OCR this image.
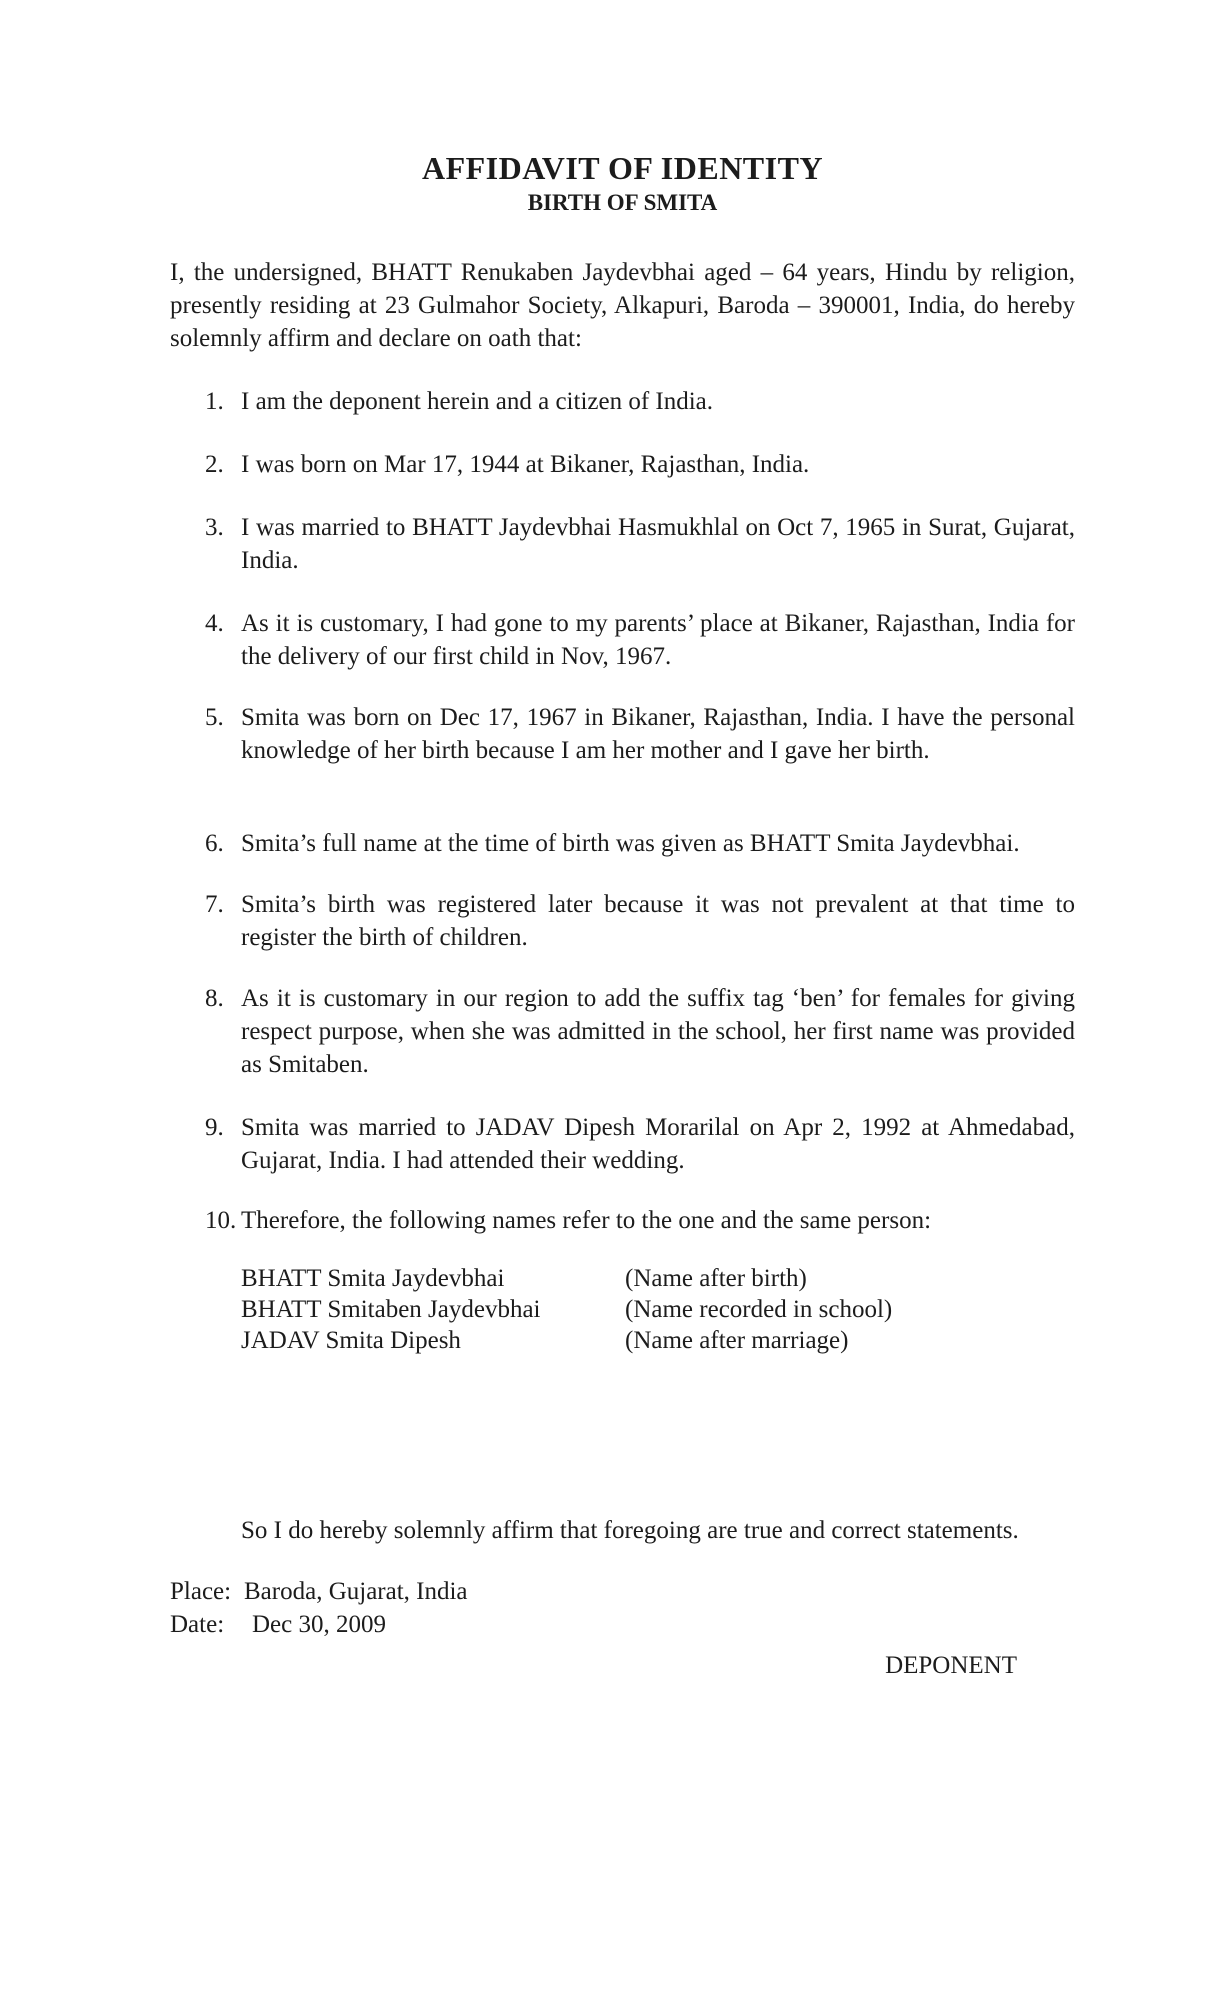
AFFIDAVIT OF IDENTITY
BIRTH OF SMITA
I, the undersigned, BHATT Renukaben Jaydevbhai aged – 64 years, Hindu by religion, presently residing at 23 Gulmahor Society, Alkapuri, Baroda – 390001, India, do hereby solemnly affirm and declare on oath that:
1. I am the deponent herein and a citizen of India.
2. I was born on Mar 17, 1944 at Bikaner, Rajasthan, India.
3. I was married to BHATT Jaydevbhai Hasmukhlal on Oct 7, 1965 in Surat, Gujarat, India.
4. As it is customary, I had gone to my parents’ place at Bikaner, Rajasthan, India for the delivery of our first child in Nov, 1967.
5. Smita was born on Dec 17, 1967 in Bikaner, Rajasthan, India. I have the personal knowledge of her birth because I am her mother and I gave her birth.
6. Smita’s full name at the time of birth was given as BHATT Smita Jaydevbhai.
7. Smita’s birth was registered later because it was not prevalent at that time to register the birth of children.
8. As it is customary in our region to add the suffix tag ‘ben’ for females for giving respect purpose, when she was admitted in the school, her first name was provided as Smitaben.
9. Smita was married to JADAV Dipesh Morarilal on Apr 2, 1992 at Ahmedabad, Gujarat, India. I had attended their wedding.
10. Therefore, the following names refer to the one and the same person:
BHATT Smita Jaydevbhai	(Name after birth)
BHATT Smitaben Jaydevbhai	(Name recorded in school)
JADAV Smita Dipesh	(Name after marriage)
So I do hereby solemnly affirm that foregoing are true and correct statements.
Place: Baroda, Gujarat, India
Date: Dec 30, 2009
DEPONENT
